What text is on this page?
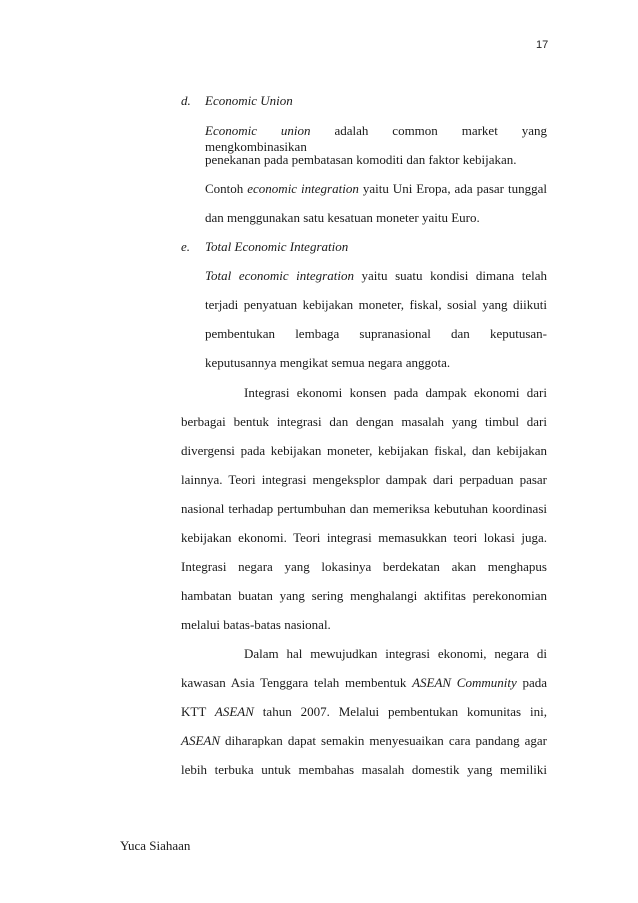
17
d. Economic Union
Economic union adalah common market yang mengkombinasikan
penekanan pada pembatasan komoditi dan faktor kebijakan.
Contoh economic integration yaitu Uni Eropa, ada pasar tunggal
dan menggunakan satu kesatuan moneter yaitu Euro.
e. Total Economic Integration
Total economic integration yaitu suatu kondisi dimana telah
terjadi penyatuan kebijakan moneter, fiskal, sosial yang diikuti
pembentukan lembaga supranasional dan keputusan-
keputusannya mengikat semua negara anggota.
Integrasi ekonomi konsen pada dampak ekonomi dari
berbagai bentuk integrasi dan dengan masalah yang timbul dari
divergensi pada kebijakan moneter, kebijakan fiskal, dan kebijakan
lainnya. Teori integrasi mengeksplor dampak dari perpaduan pasar
nasional terhadap pertumbuhan dan memeriksa kebutuhan koordinasi
kebijakan ekonomi. Teori integrasi memasukkan teori lokasi juga.
Integrasi negara yang lokasinya berdekatan akan menghapus
hambatan buatan yang sering menghalangi aktifitas perekonomian
melalui batas-batas nasional.
Dalam hal mewujudkan integrasi ekonomi, negara di
kawasan Asia Tenggara telah membentuk ASEAN Community pada
KTT ASEAN tahun 2007. Melalui pembentukan komunitas ini,
ASEAN diharapkan dapat semakin menyesuaikan cara pandang agar
lebih terbuka untuk membahas masalah domestik yang memiliki
Yuca Siahaan
